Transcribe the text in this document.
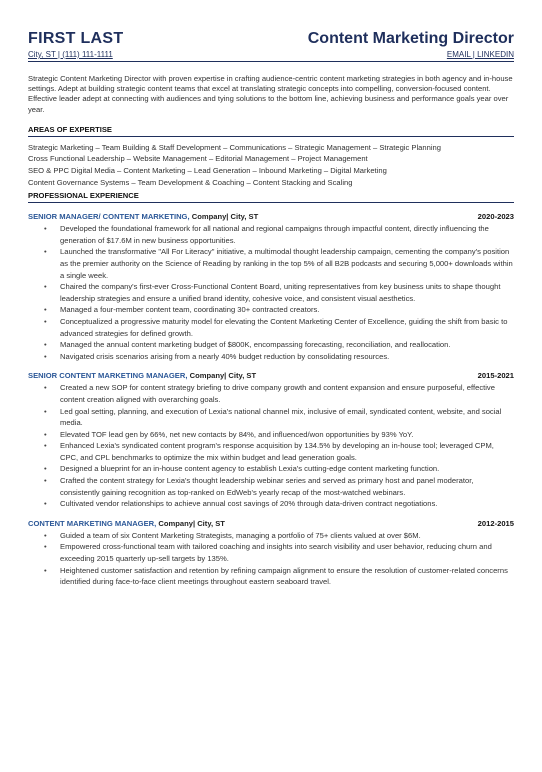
FIRST LAST	Content Marketing Director
City, ST | (111) 111-1111	EMAIL | LINKEDIN
Strategic Content Marketing Director with proven expertise in crafting audience-centric content marketing strategies in both agency and in-house settings. Adept at building strategic content teams that excel at translating strategic concepts into compelling, conversion-focused content. Effective leader adept at connecting with audiences and tying solutions to the bottom line, achieving business and performance goals year over year.
AREAS OF EXPERTISE
Strategic Marketing – Team Building & Staff Development – Communications – Strategic Management – Strategic Planning
Cross Functional Leadership – Website Management – Editorial Management – Project Management
SEO & PPC Digital Media – Content Marketing – Lead Generation – Inbound Marketing – Digital Marketing
Content Governance Systems – Team Development & Coaching – Content Stacking and Scaling
PROFESSIONAL EXPERIENCE
SENIOR MANAGER/ CONTENT MARKETING, Company| City, ST	2020-2023
• Developed the foundational framework for all national and regional campaigns through impactful content, directly influencing the generation of $17.6M in new business opportunities.
• Launched the transformative "All For Literacy" initiative, a multimodal thought leadership campaign, cementing the company's position as the premier authority on the Science of Reading by ranking in the top 5% of all B2B podcasts and securing 5,000+ downloads within a single week.
• Chaired the company's first-ever Cross-Functional Content Board, uniting representatives from key business units to shape thought leadership strategies and ensure a unified brand identity, cohesive voice, and consistent visual aesthetics.
• Managed a four-member content team, coordinating 30+ contracted creators.
• Conceptualized a progressive maturity model for elevating the Content Marketing Center of Excellence, guiding the shift from basic to advanced strategies for defined growth.
• Managed the annual content marketing budget of $800K, encompassing forecasting, reconciliation, and reallocation.
• Navigated crisis scenarios arising from a nearly 40% budget reduction by consolidating resources.
SENIOR CONTENT MARKETING MANAGER, Company| City, ST	2015-2021
• Created a new SOP for content strategy briefing to drive company growth and content expansion and ensure purposeful, effective content creation aligned with overarching goals.
• Led goal setting, planning, and execution of Lexia's national channel mix, inclusive of email, syndicated content, website, and social media.
• Elevated TOF lead gen by 66%, net new contacts by 84%, and influenced/won opportunities by 93% YoY.
• Enhanced Lexia's syndicated content program's response acquisition by 134.5% by developing an in-house tool; leveraged CPM, CPC, and CPL benchmarks to optimize the mix within budget and lead generation goals.
• Designed a blueprint for an in-house content agency to establish Lexia's cutting-edge content marketing function.
• Crafted the content strategy for Lexia's thought leadership webinar series and served as primary host and panel moderator, consistently gaining recognition as top-ranked on EdWeb's yearly recap of the most-watched webinars.
• Cultivated vendor relationships to achieve annual cost savings of 20% through data-driven contract negotiations.
CONTENT MARKETING MANAGER, Company| City, ST	2012-2015
• Guided a team of six Content Marketing Strategists, managing a portfolio of 75+ clients valued at over $6M.
• Empowered cross-functional team with tailored coaching and insights into search visibility and user behavior, reducing churn and exceeding 2015 quarterly up-sell targets by 135%.
• Heightened customer satisfaction and retention by refining campaign alignment to ensure the resolution of customer-related concerns identified during face-to-face client meetings throughout eastern seaboard travel.
